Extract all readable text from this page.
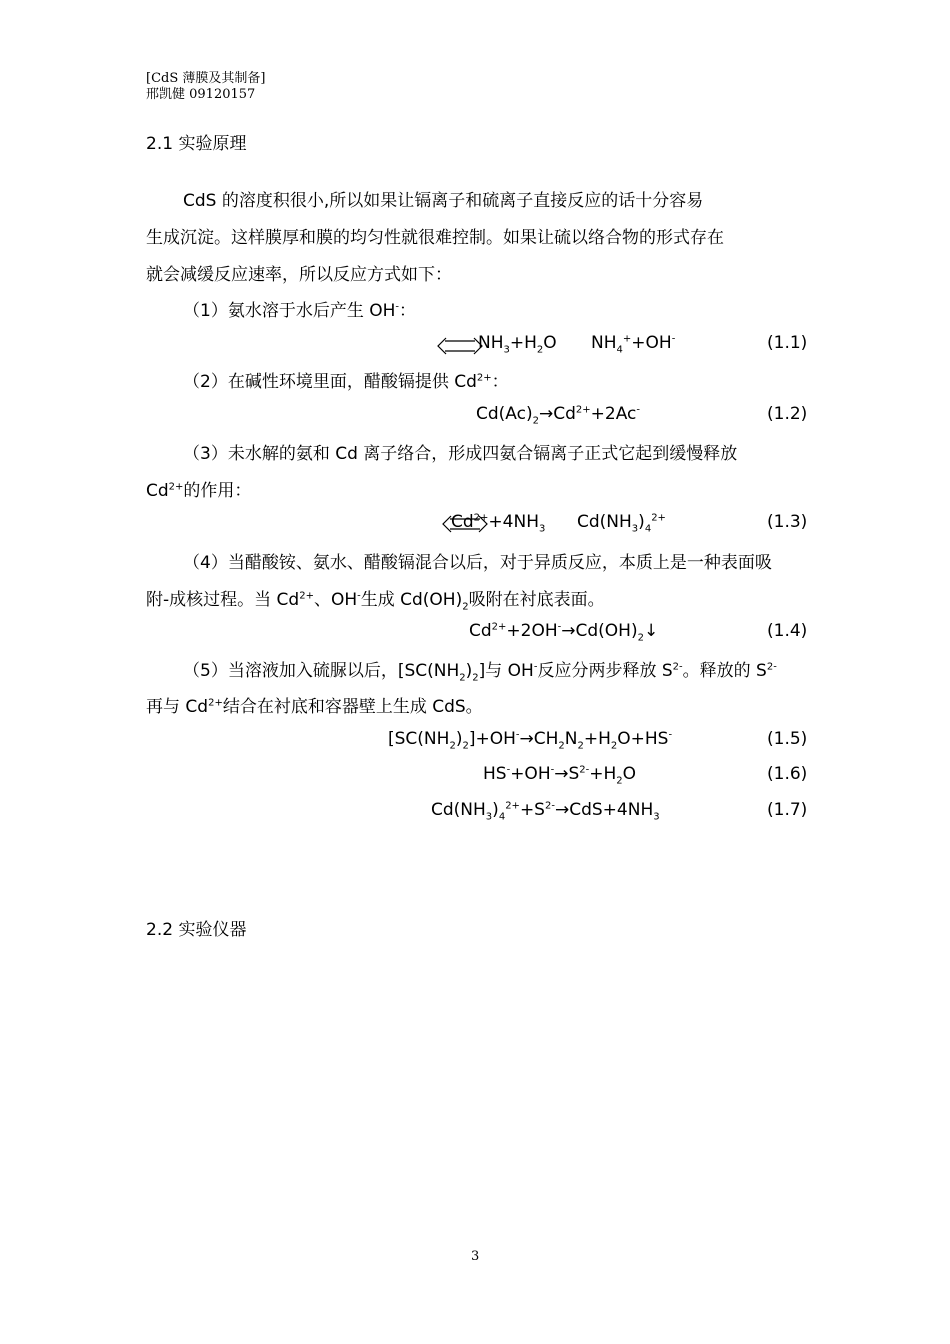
[CdS 薄膜及其制备]
邢凯健 09120157
2.1 实验原理
CdS 的溶度积很小,所以如果让镉离子和硫离子直接反应的话十分容易
生成沉淀。这样膜厚和膜的均匀性就很难控制。如果让硫以络合物的形式存在
就会减缓反应速率，所以反应方式如下：
（1）氨水溶于水后产生 OH-：
$NH_3+H_2O$ $NH_4^++OH^-$	(1.1)
（2）在碱性环境里面，醋酸镉提供 $Cd^{2+}$：
$Cd(Ac)_2\to Cd^{2+}+2Ac^-$	(1.2)
（3）未水解的氨和 Cd 离子络合，形成四氨合镉离子正式它起到缓慢释放
$Cd^{2+}$的作用：
$Cd^{2+}+4NH_3$ $Cd(NH_3)_4^{2+}$	(1.3)
（4）当醋酸铵、氨水、醋酸镉混合以后，对于异质反应，本质上是一种表面吸
附-成核过程。当 $Cd^{2+}$、OH-生成 $Cd(OH)_2$吸附在衬底表面。
$Cd^{2+}+2OH^-\to Cd(OH)_2↓$	(1.4)
（5）当溶液加入硫脲以后，$[SC(NH_2)_2]$与 OH-反应分两步释放 $S^{2-}$。释放的 $S^{2-}$
再与 $Cd^{2+}$结合在衬底和容器壁上生成 CdS。
$[SC(NH_2)_2]+OH^-\to CH_2N_2+H_2O+HS^-$	(1.5)
$HS^-+OH^-\to S^{2-}+H_2O$	(1.6)
$Cd(NH_3)_4^{2+}+S^{2-}\to CdS+4NH_3$	(1.7)
2.2 实验仪器
3
